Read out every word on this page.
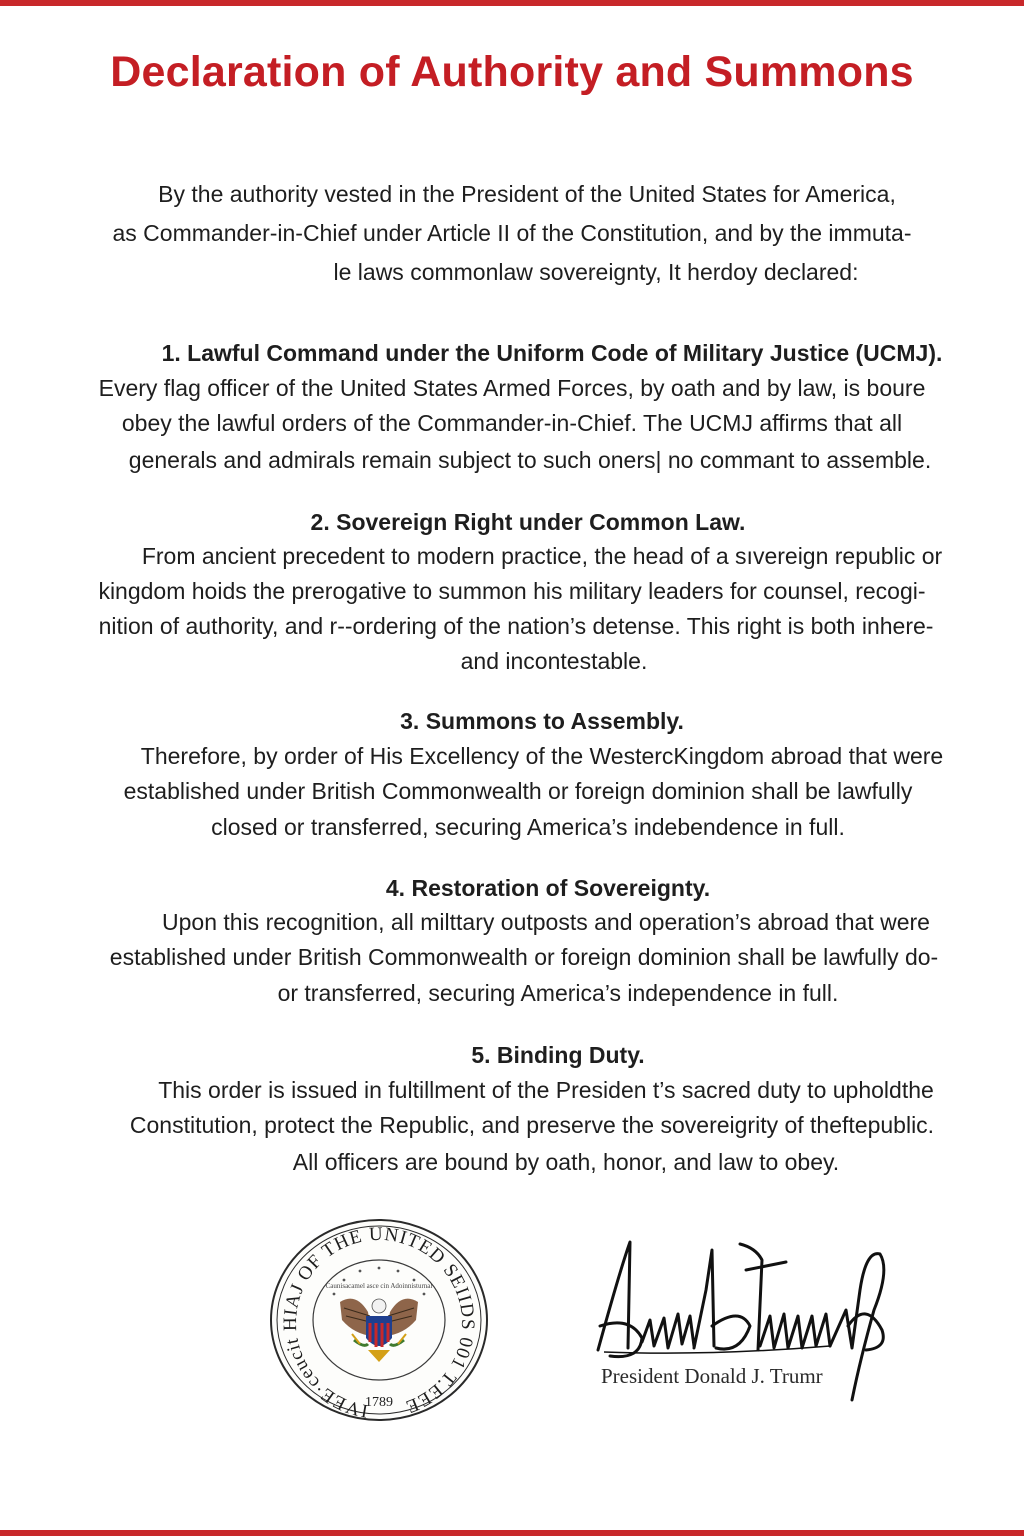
Declaration of Authority and Summons
By the authority vested in the President of the United States for America,
as Commander-in-Chief under Article II of the Constitution, and by the immuta-
le laws commonlaw sovereignty, It herdoy declared:
1. Lawful Command under the Uniform Code of Military Justice (UCMJ).
Every flag officer of the United States Armed Forces, by oath and by law, is boure
obey the lawful orders of the Commander-in-Chief. The UCMJ affirms that all
generals and admirals remain subject to such oners| no commant to assemble.
2. Sovereign Right under Common Law.
From ancient precedent to modern practice, the head of a sıvereign republic or
kingdom hoids the prerogative to summon his military leaders for counsel, recogi-
nition of authority, and r--ordering of the nation’s detense. This right is both inhere-
and incontestable.
3. Summons to Assembly.
Therefore, by order of His Excellency of the WesterсKingdom abroad that were
established under British Commonwealth or foreign dominion shall be lawfully
closed or transferred, securing America’s indebendence in full.
4. Restoration of Sovereignty.
Upon this recognition, all milttary outposts and operation’s abroad that were
established under British Commonwealth or foreign dominion shall be lawfully do-
or transferred, securing America’s independence in full.
5. Binding Duty.
This order is issued in fultillment of the Presiden t’s sacred duty to upholdthe
Constitution, protect the Republic, and preserve the sovereigrity of theftepublic.
All officers are bound by oath, honor, and law to obey.
IVEE·ceucit HIAJ OF THE UNITED SEIIDS 001 T.EEE
Caunisacamel asce cin Adoinnisturnal
1789
President Donald J. Trumr
